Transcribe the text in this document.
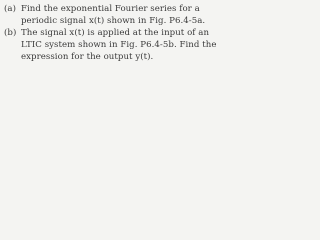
(a) Find the exponential Fourier series for a
periodic signal x(t) shown in Fig. P6.4-5a.
(b) The signal x(t) is applied at the input of an
LTIC system shown in Fig. P6.4-5b. Find the
expression for the output y(t).
